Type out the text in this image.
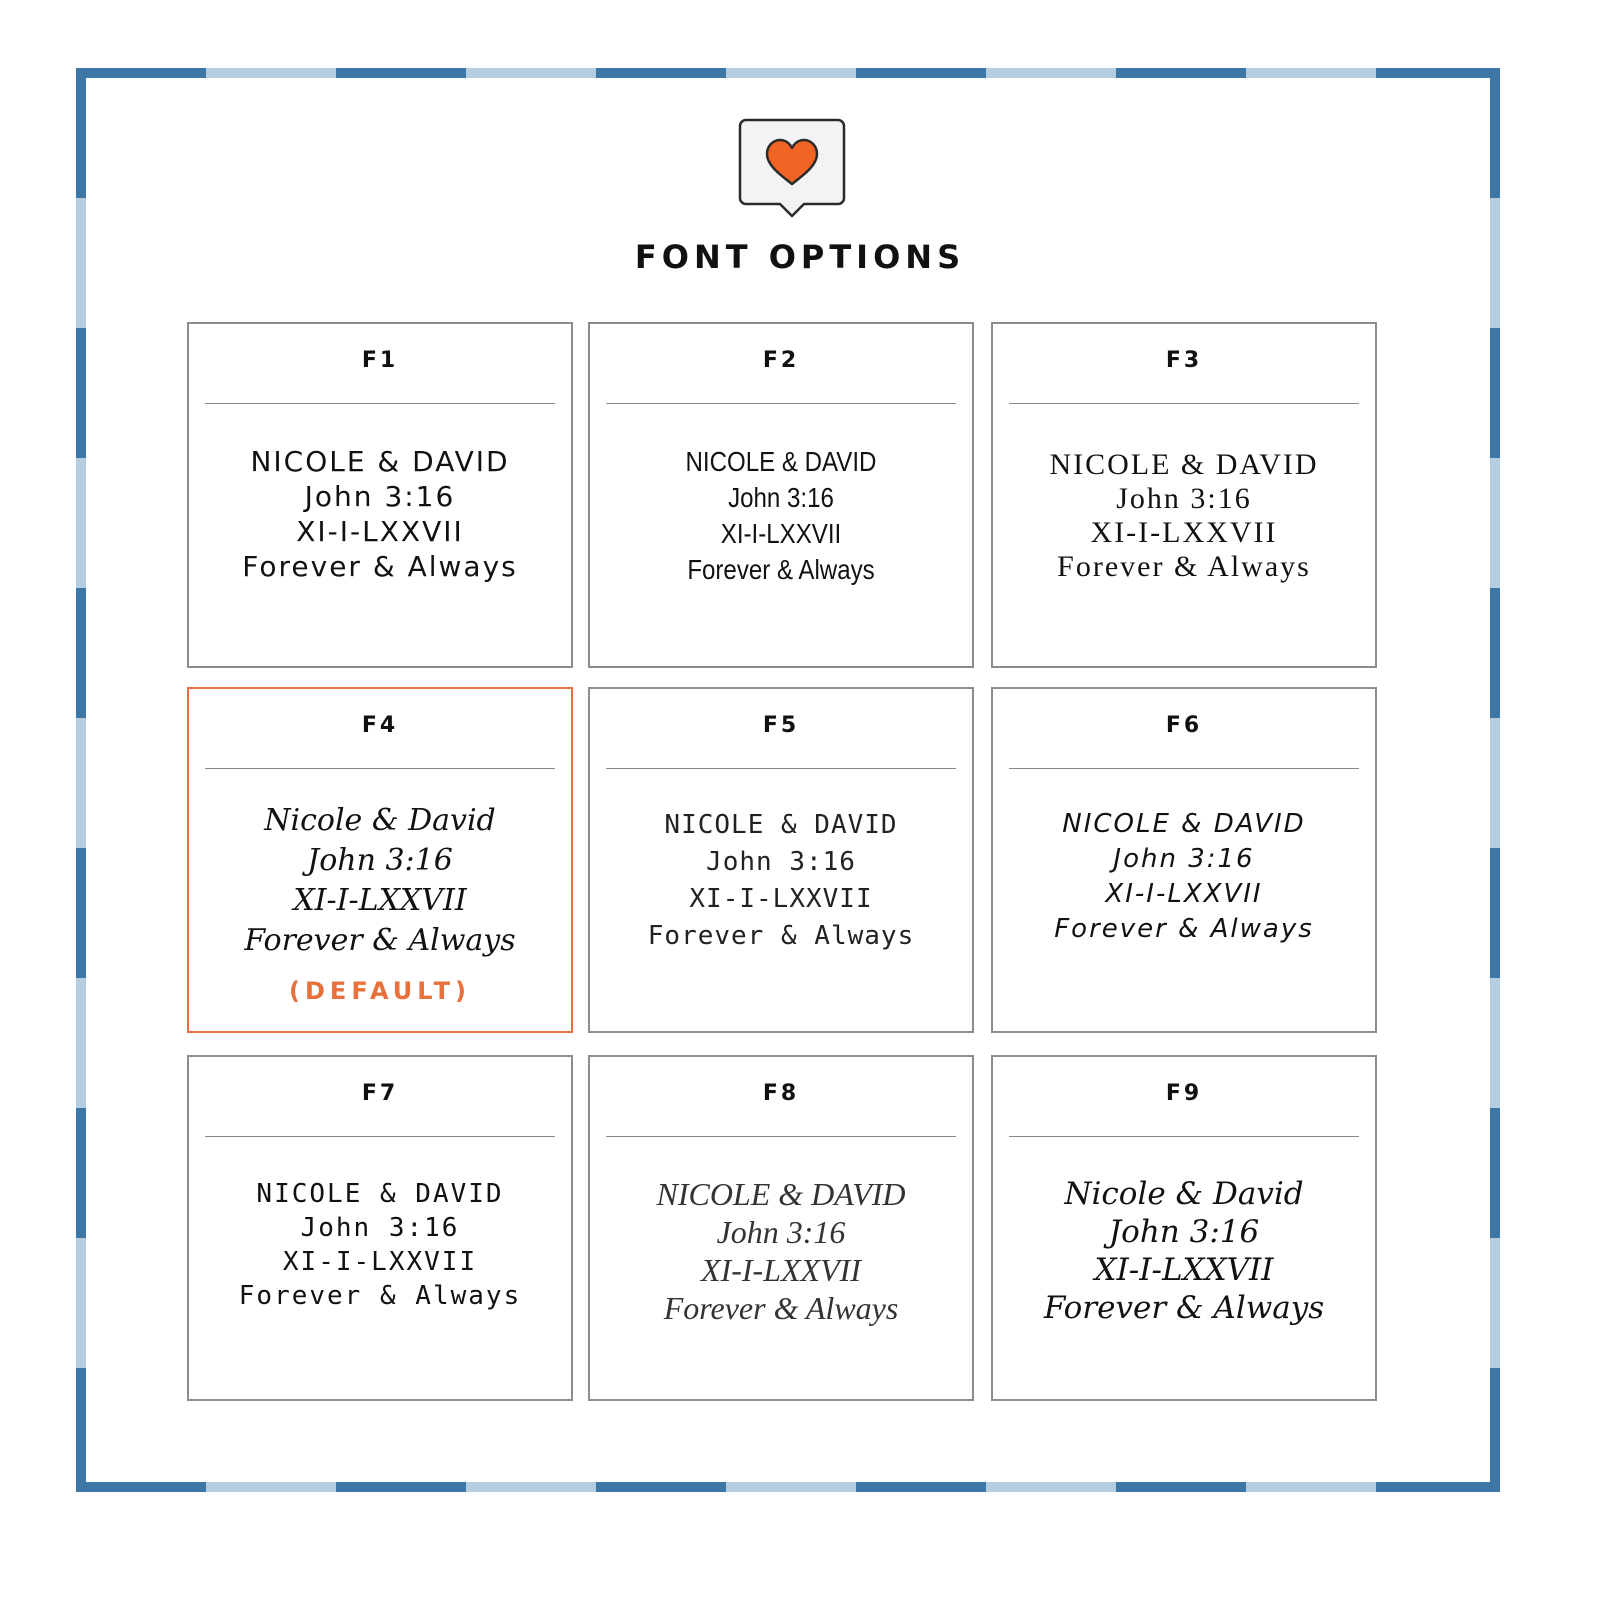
FONT OPTIONS
F1
NICOLE & DAVID
John 3:16
XI-I-LXXVII
Forever & Always
F2
NICOLE & DAVID
John 3:16
XI-I-LXXVII
Forever & Always
F3
NICOLE & DAVID
John 3:16
XI-I-LXXVII
Forever & Always
F4
Nicole & David
John 3:16
XI-I-LXXVII
Forever & Always
(DEFAULT)
F5
NICOLE & DAVID
John 3:16
XI-I-LXXVII
Forever & Always
F6
NICOLE & DAVID
John 3:16
XI-I-LXXVII
Forever & Always
F7
NICOLE & DAVID
John 3:16
XI-I-LXXVII
Forever & Always
F8
NICOLE & DAVID
John 3:16
XI-I-LXXVII
Forever & Always
F9
Nicole & David
John 3:16
XI-I-LXXVII
Forever & Always
